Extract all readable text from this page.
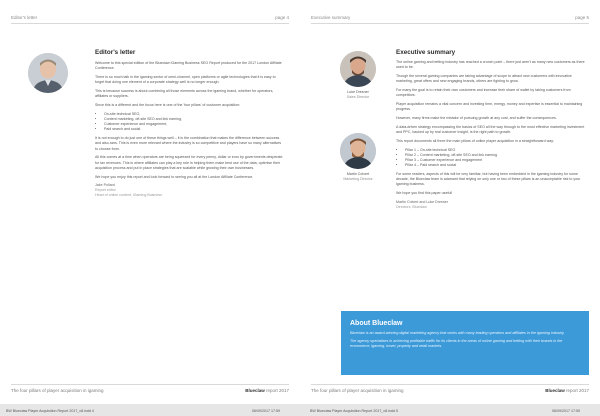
Editor's letter	page 4
Editor's letter

Welcome to this special edition of the Blueclaw iGaming Business SEO Report produced for the 2017 London Affiliate Conference.

There is so much talk in the igaming sector of omni-channel, open platforms or agile technologies that it is easy to forget that doing one element of a corporate strategy well is no longer enough.

This is because success is about combining all those elements across the igaming brand, whether for operators, affiliates or suppliers.

Since this is a different and the focus here is one of the 'four pillars' of customer acquisition:

• On-site technical SEO,
• Content marketing, off-site SEO and link earning,
• Customer experience and engagement,
• Paid search and social.

It is not enough to do just one of these things well – it is the combination that makes the difference between success and also-rans. This is even more relevant where the industry is so competitive and players have so many alternatives to choose from.

All this comes at a time when operators are being squeezed for every penny, dollar or euro by governments desperate for tax revenues. This is where affiliates can play a key role in helping them make best use of the data, optimise their acquisition process and put in place strategies that are scalable while growing their own businesses.

We hope you enjoy this report and look forward to seeing you all at the London Affiliate Conference.

Jake Pollard
Report editor
Head of online content, iGaming Business
The four pillars of player acquisition in igaming	Blueclaw report 2017
Executive summary	page 5
Luke Dresner
Sales Director
Martin Colvert
Marketing Director
Executive summary

The online gaming and betting industry has reached a crunch point – there just aren't as many new customers as there used to be.

Though the several gaming companies are taking advantage of scope to attract new customers with innovative marketing, great offers and new engaging brands, others are fighting to grow.

For many the goal is to retain their own customers and increase their share of wallet by taking customers from competitors.

Player acquisition remains a vital concern and investing time, energy, money and expertise is essential to maintaining progress.

However, many firms make the mistake of pursuing growth at any cost, and suffer the consequences.

A data-driven strategy encompassing the basics of SEO all the way through to the most effective marketing investment and PPC, backed up by real customer insight, is the right path to growth.

This report documents all three the main pillars of online player acquisition in a straightforward way:

• Pillar 1 – On-site technical SEO
• Pillar 2 – Content marketing, off-site SEO and link earning
• Pillar 3 – Customer experience and engagement
• Pillar 4 – Paid search and social

For some readers, aspects of this will be very familiar, but having been embedded in the igaming industry for some decade, the Blueclaw team is adamant that relying on only one or two of these pillars is an unacceptable risk to your igaming business.

We hope you find this paper useful!

Martin Colvert and Luke Dresner
Directors, Blueclaw
About Blueclaw

Blueclaw is an award-winning digital marketing agency that works with many leading operators and affiliates in the igaming industry.

The agency specialises in achieving profitable traffic for its clients in the areas of online gaming and betting with their brands in the ecommerce, igaming, travel, property and retail markets.

The four pillars of player acquisition in igaming	Blueclaw report 2017
BW Blueclaw Player Acquisition Report 2017_v8.indd 4	06/09/2017 17:59	BW Blueclaw Player Acquisition Report 2017_v8.indd 5	06/09/2017 17:59
